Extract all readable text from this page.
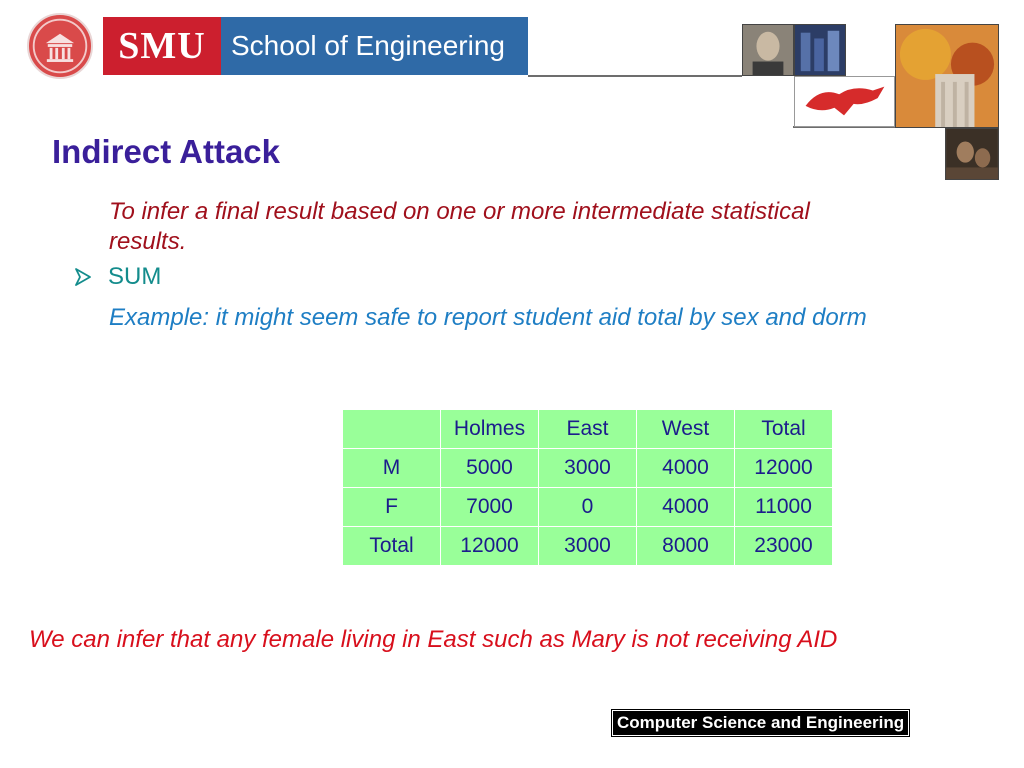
SMU School of Engineering
Indirect Attack
To infer a final result based on one or more intermediate statistical results.
SUM
Example: it might seem safe to report student aid total by sex and dorm
	Holmes	East	West	Total
M	5000	3000	4000	12000
F	7000	0	4000	11000
Total	12000	3000	8000	23000
We can infer that any female living in East such as Mary is not receiving AID
Computer Science and Engineering
